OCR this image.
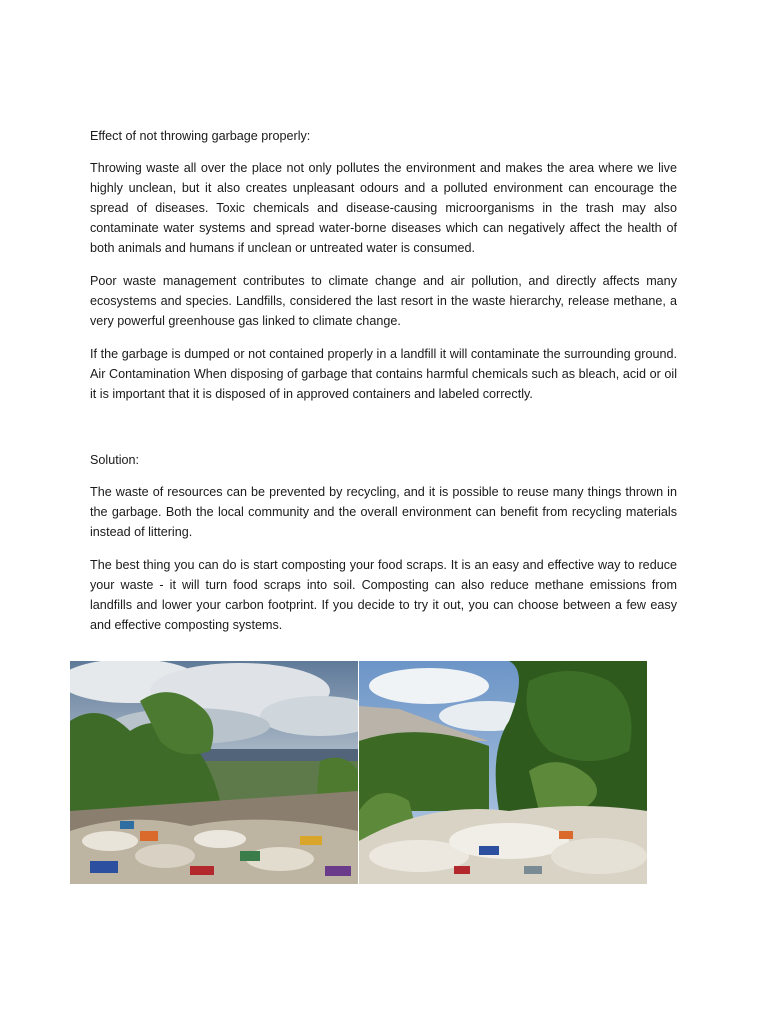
Effect of not throwing garbage properly:

Throwing waste all over the place not only pollutes the environment and makes the area where we live highly unclean, but it also creates unpleasant odours and a polluted environment can encourage the spread of diseases. Toxic chemicals and disease-causing microorganisms in the trash may also contaminate water systems and spread water-borne diseases which can negatively affect the health of both animals and humans if unclean or untreated water is consumed.

Poor waste management contributes to climate change and air pollution, and directly affects many ecosystems and species. Landfills, considered the last resort in the waste hierarchy, release methane, a very powerful greenhouse gas linked to climate change.

If the garbage is dumped or not contained properly in a landfill it will contaminate the surrounding ground. Air Contamination When disposing of garbage that contains harmful chemicals such as bleach, acid or oil it is important that it is disposed of in approved containers and labeled correctly.

Solution:

The waste of resources can be prevented by recycling, and it is possible to reuse many things thrown in the garbage. Both the local community and the overall environment can benefit from recycling materials instead of littering.

The best thing you can do is start composting your food scraps. It is an easy and effective way to reduce your waste - it will turn food scraps into soil. Composting can also reduce methane emissions from landfills and lower your carbon footprint. If you decide to try it out, you can choose between a few easy and effective composting systems.
